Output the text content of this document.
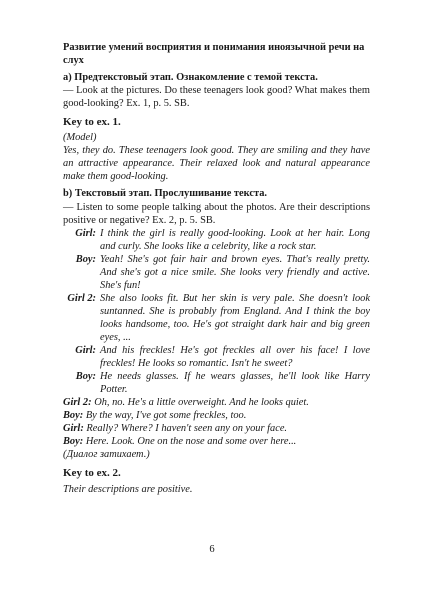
Развитие умений восприятия и понимания иноязычной речи на слух

a) Предтекстовый этап. Ознакомление с темой текста.

— Look at the pictures. Do these teenagers look good? What makes them good-looking? Ex. 1, p. 5. SB.

Key to ex. 1.

(Model)

Yes, they do. These teenagers look good. They are smiling and they have an attractive appearance. Their relaxed look and natural appearance make them good-looking.

b) Текстовый этап. Прослушивание текста.

— Listen to some people talking about the photos. Are their descriptions positive or negative? Ex. 2, p. 5. SB.

Girl: I think the girl is really good-looking. Look at her hair. Long and curly. She looks like a celebrity, like a rock star.
Boy: Yeah! She's got fair hair and brown eyes. That's really pretty. And she's got a nice smile. She looks very friendly and active. She's fun!
Girl 2: She also looks fit. But her skin is very pale. She doesn't look suntanned. She is probably from England. And I think the boy looks handsome, too. He's got straight dark hair and big green eyes, ...
Girl: And his freckles! He's got freckles all over his face! I love freckles! He looks so romantic. Isn't he sweet?
Boy: He needs glasses. If he wears glasses, he'll look like Harry Potter.

Girl 2: Oh, no. He's a little overweight. And he looks quiet.

Boy: By the way, I've got some freckles, too.

Girl: Really? Where? I haven't seen any on your face.

Boy: Here. Look. One on the nose and some over here...

(Диалог затихает.)

Key to ex. 2.

Their descriptions are positive.

6
